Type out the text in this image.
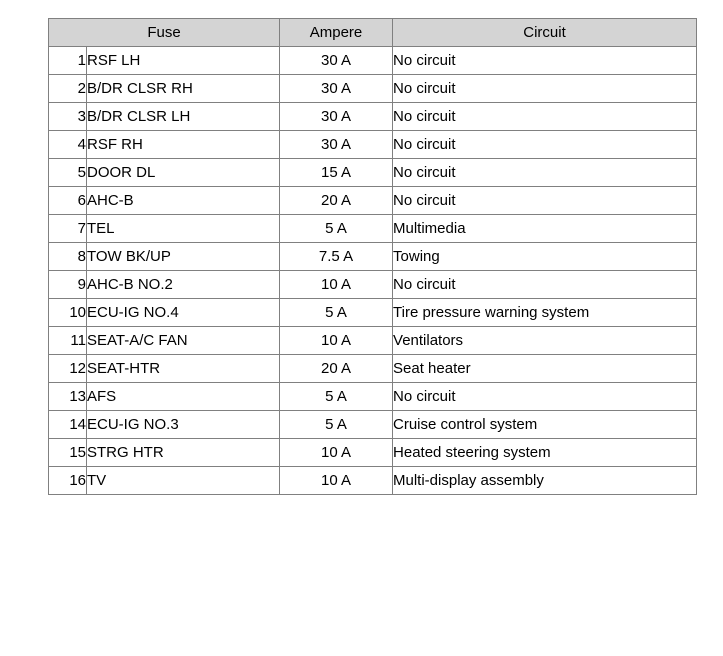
Fuse		Ampere	Circuit
1	RSF LH	30 A	No circuit
2	B/DR CLSR RH	30 A	No circuit
3	B/DR CLSR LH	30 A	No circuit
4	RSF RH	30 A	No circuit
5	DOOR DL	15 A	No circuit
6	AHC-B	20 A	No circuit
7	TEL	5 A	Multimedia
8	TOW BK/UP	7.5 A	Towing
9	AHC-B NO.2	10 A	No circuit
10	ECU-IG NO.4	5 A	Tire pressure warning system
11	SEAT-A/C FAN	10 A	Ventilators
12	SEAT-HTR	20 A	Seat heater
13	AFS	5 A	No circuit
14	ECU-IG NO.3	5 A	Cruise control system
15	STRG HTR	10 A	Heated steering system
16	TV	10 A	Multi-display assembly
